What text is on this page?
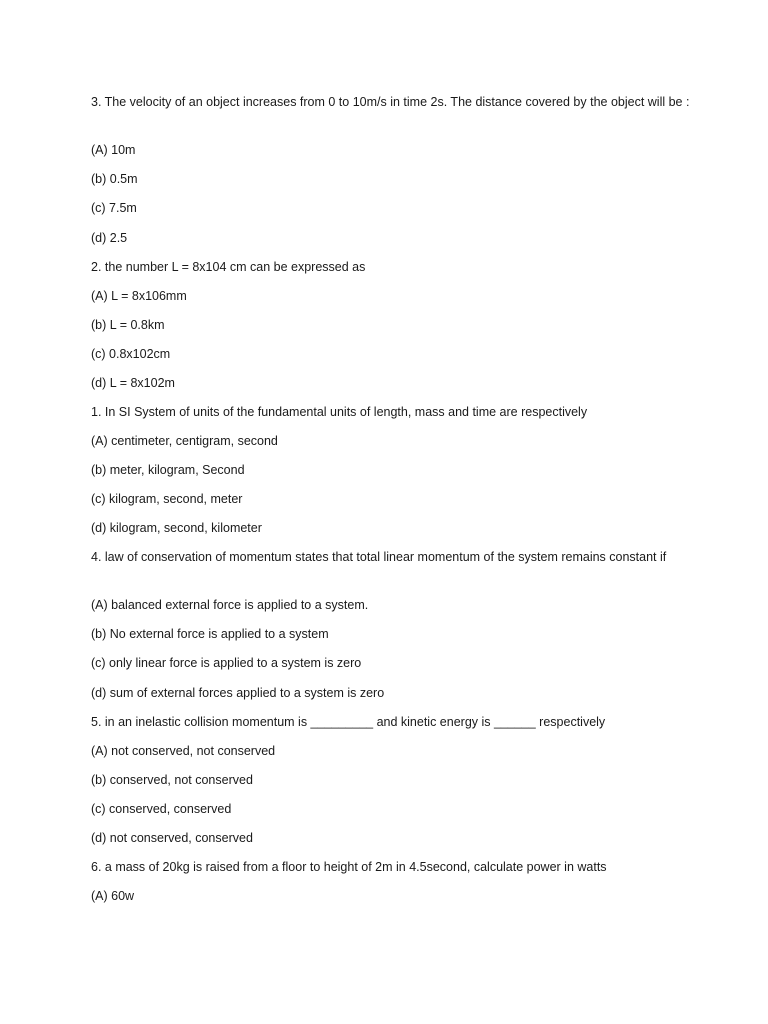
3. The velocity of an object increases from 0 to 10m/s in time 2s. The distance covered by the object will be :
(A) 10m
(b) 0.5m
(c) 7.5m
(d) 2.5
2. the number L = 8x104 cm can be expressed as
(A) L = 8x106mm
(b) L = 0.8km
(c) 0.8x102cm
(d) L = 8x102m
1. In SI System of units of the fundamental units of length, mass and time are respectively
(A) centimeter, centigram, second
(b) meter, kilogram, Second
(c) kilogram, second, meter
(d) kilogram, second, kilometer
4. law of conservation of momentum states that total linear momentum of the system remains constant if
(A) balanced external force is applied to a system.
(b) No external force is applied to a system
(c) only linear force is applied to a system is zero
(d) sum of external forces applied to a system is zero
5. in an inelastic collision momentum is _________ and kinetic energy is ______ respectively
(A) not conserved, not conserved
(b) conserved, not conserved
(c) conserved, conserved
(d) not conserved, conserved
6. a mass of 20kg is raised from a floor to height of 2m in 4.5second, calculate power in watts
(A) 60w
